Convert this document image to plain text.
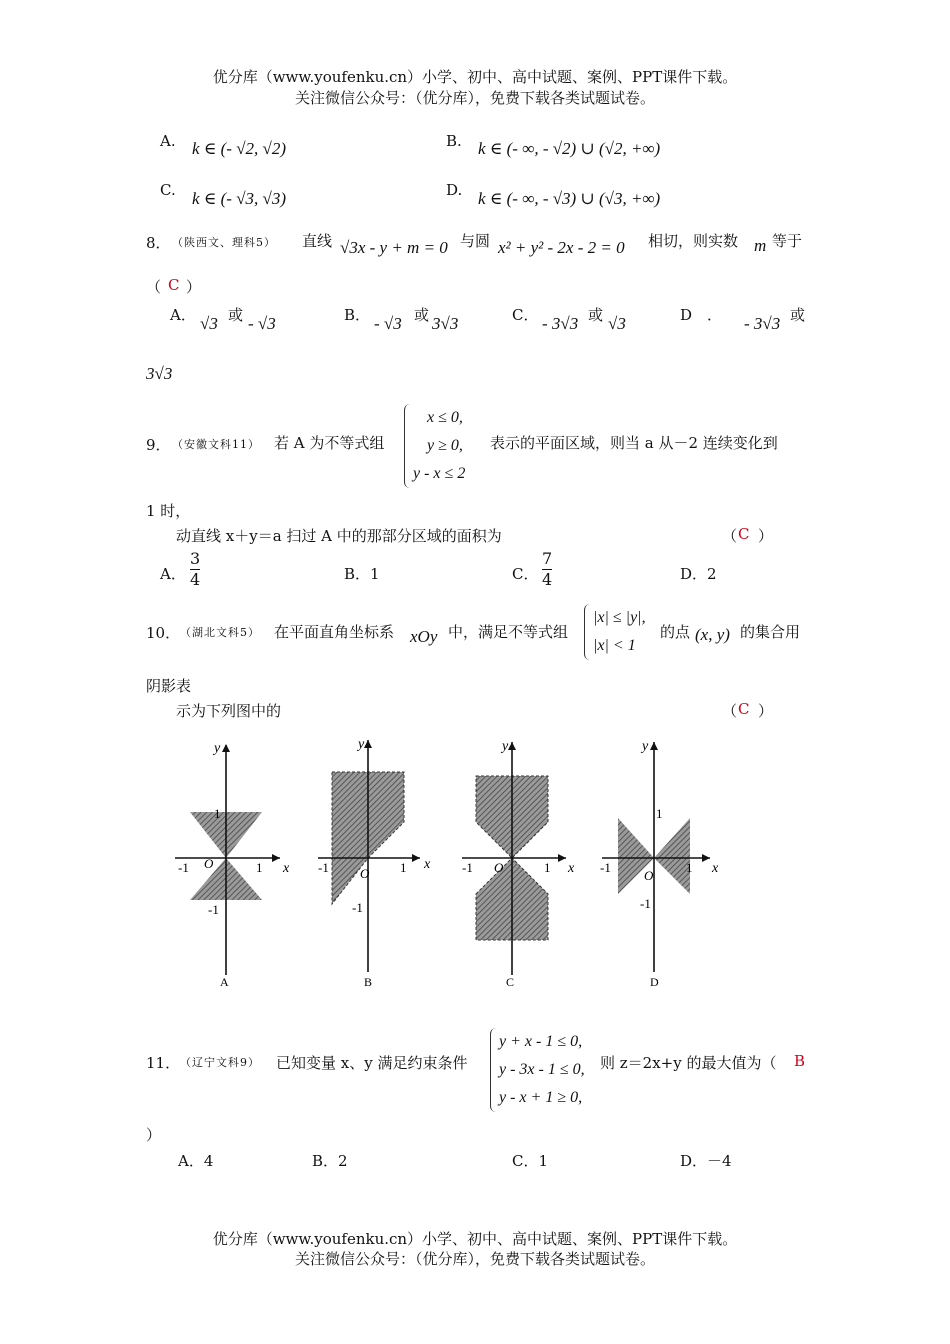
优分库（www.youfenku.cn）小学、初中、高中试题、案例、PPT课件下载。
关注微信公众号：（优分库），免费下载各类试题试卷。
A. k ∈ (- √2, √2)	B. k ∈ (- ∞, - √2) ∪ (√2, +∞)
C. k ∈ (- √3, √3)	D. k ∈ (- ∞, - √3) ∪ (√3, +∞)
8． （陕西文、理科5） 直线 √3x - y + m = 0 与圆 x² + y² - 2x - 2 = 0 相切，则实数 m 等于
（ C ）
A． √3 或 - √3	B． - √3 或 3√3	C． - 3√3 或 √3	D　． - 3√3 或
3√3
9． （安徽文科11） 若 A 为不等式组
x ≤ 0,
y ≥ 0,
y - x ≤ 2
表示的平面区域，则当 a 从－2 连续变化到
1 时，
动直线 x＋y＝a 扫过 A 中的那部分区域的面积为	（ C ）
A． $\frac{3}{4}$	B．1	C． $\frac{7}{4}$	D．2
10． （湖北文科5） 在平面直角坐标系 xOy 中，满足不等式组
|x| ≤ |y|,
|x| < 1
的点 (x, y) 的集合用
阴影表
示为下列图中的	（ C ）
y
x
O	1
-1
1
-1
A
y
x
O 1
-1
-1
B
y
x
O	1
-1
C
y
x
O
1
-1
1
-1
D
11． （辽宁文科9） 已知变量 x、y 满足约束条件
y + x - 1 ≤ 0,
y - 3x - 1 ≤ 0,
y - x + 1 ≥ 0,
则 z＝2x+y 的最大值为（ B
）
A．4	B．2	C．1	D．－4
优分库（www.youfenku.cn）小学、初中、高中试题、案例、PPT课件下载。
关注微信公众号：（优分库），免费下载各类试题试卷。
